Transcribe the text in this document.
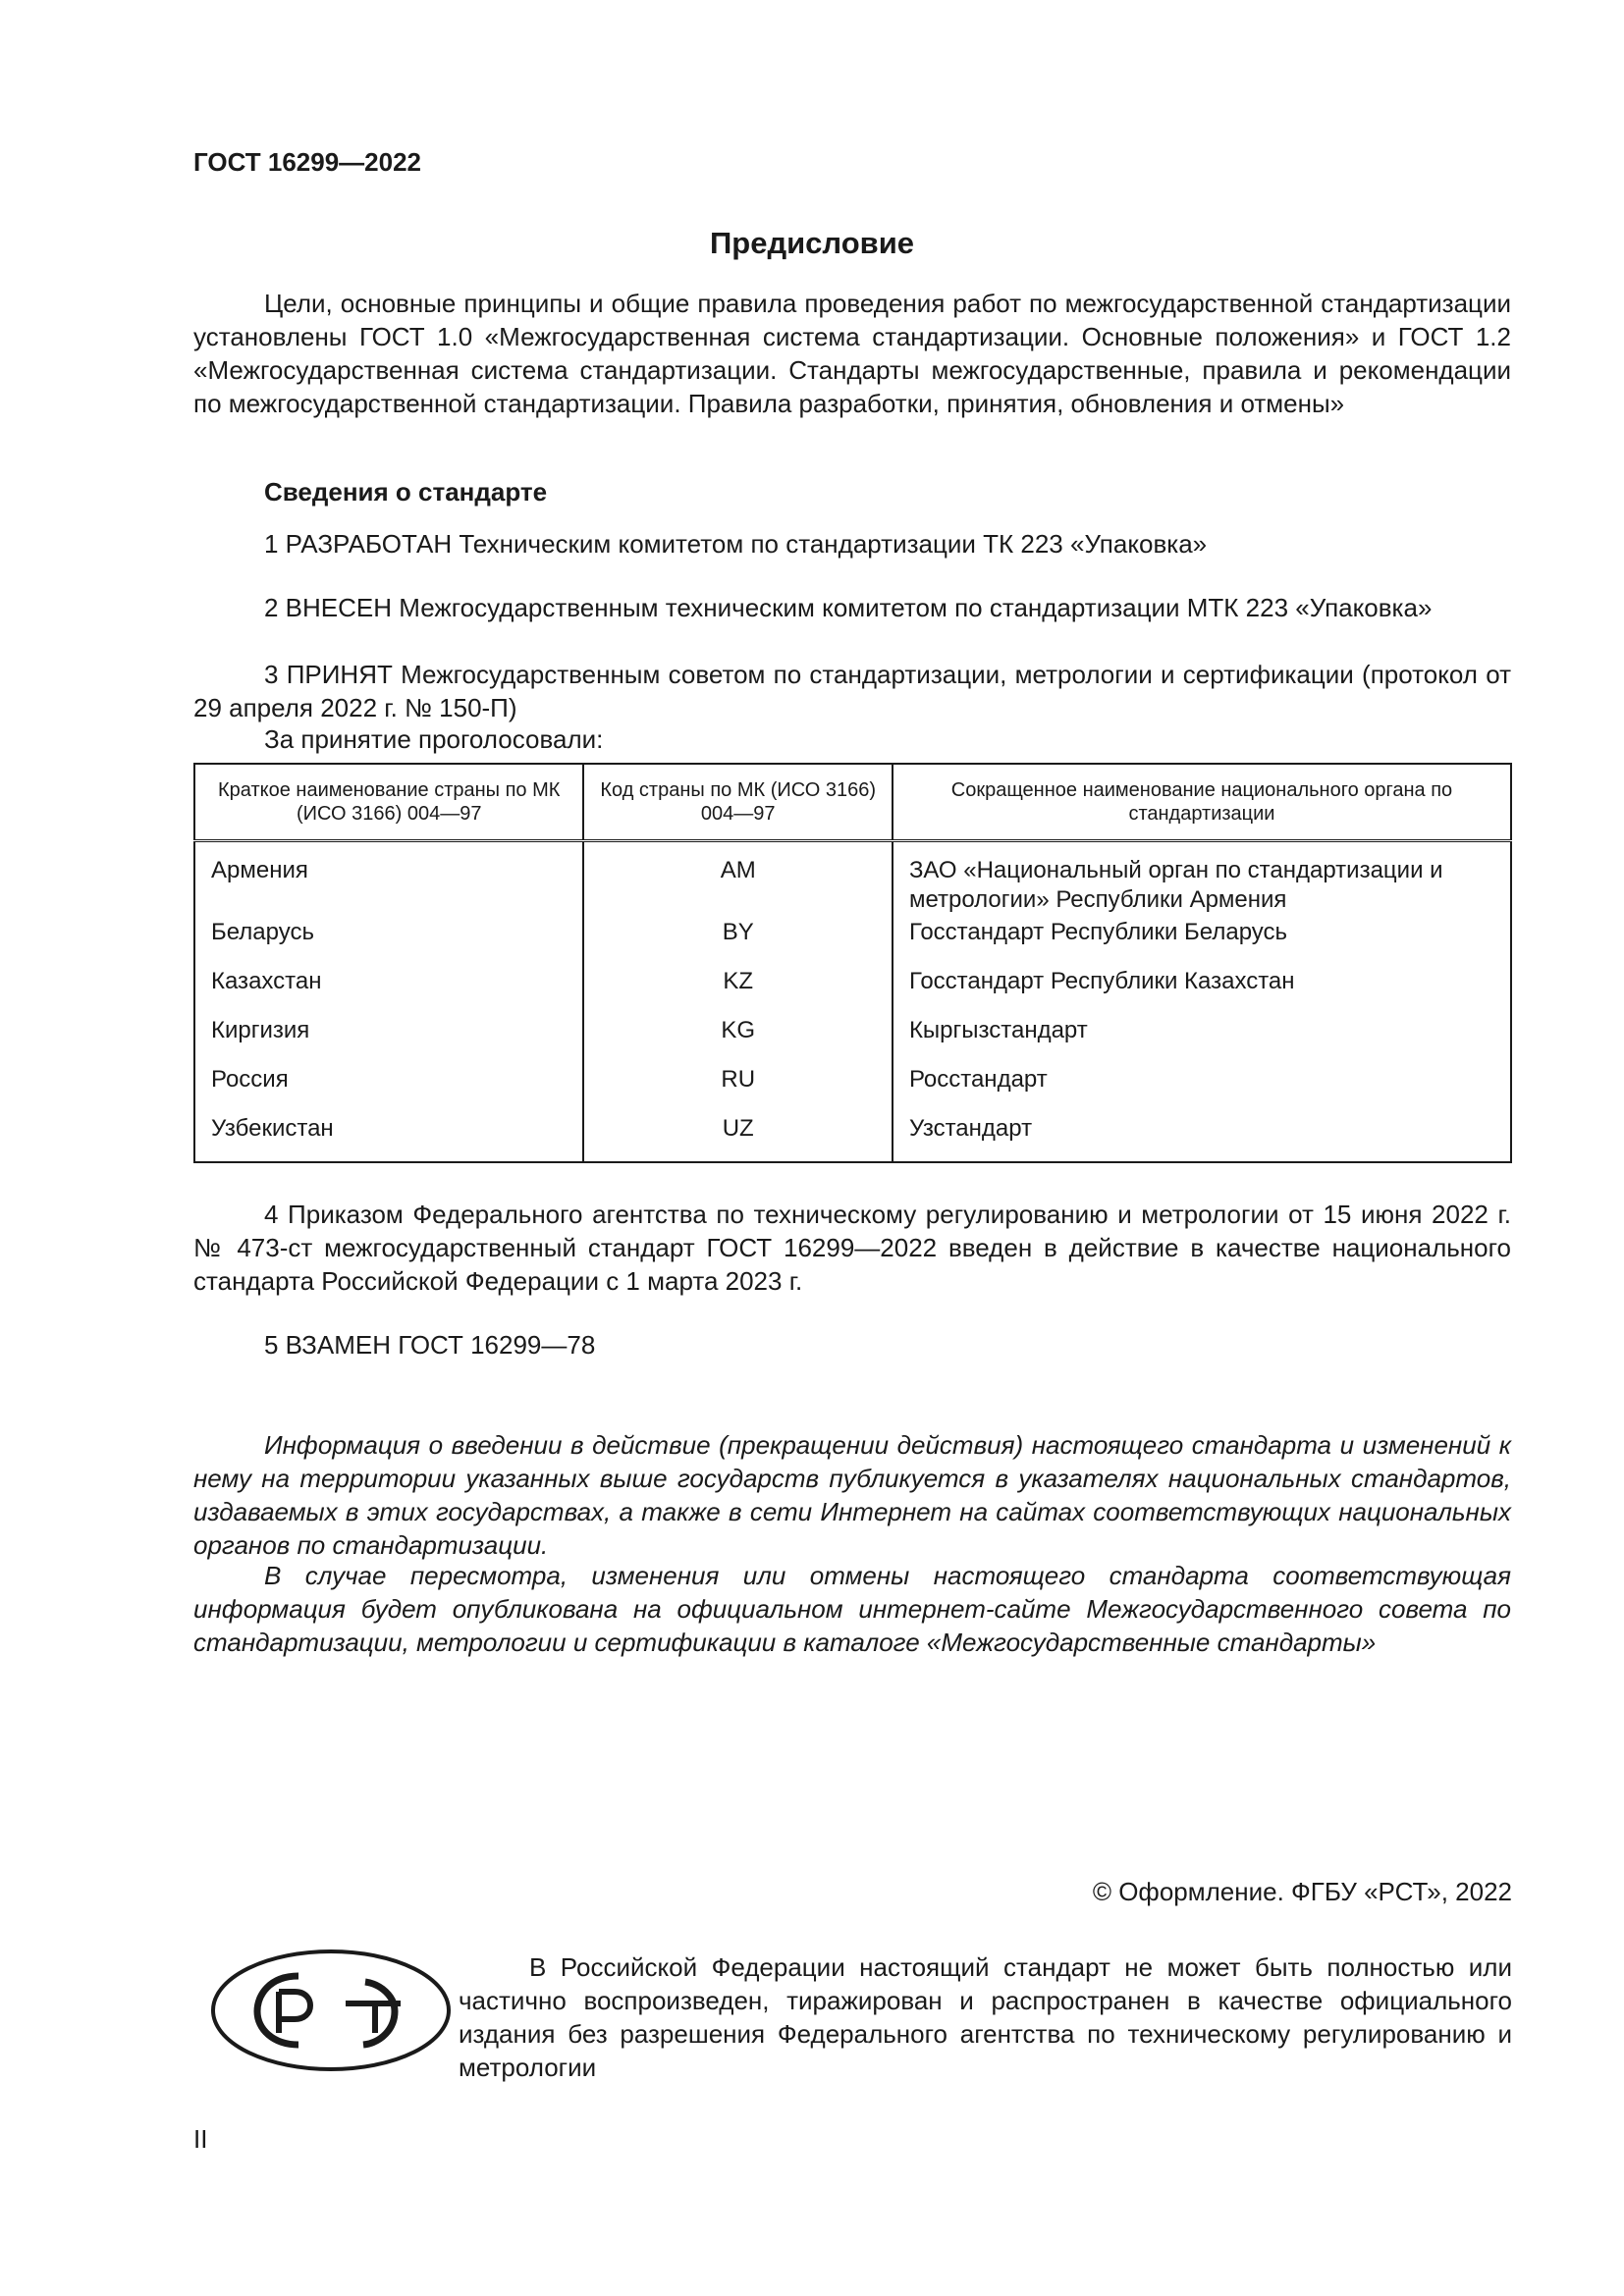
ГОСТ 16299—2022
Предисловие
Цели, основные принципы и общие правила проведения работ по межгосударственной стандартизации установлены ГОСТ 1.0 «Межгосударственная система стандартизации. Основные положения» и ГОСТ 1.2 «Межгосударственная система стандартизации. Стандарты межгосударственные, правила и рекомендации по межгосударственной стандартизации. Правила разработки, принятия, обновления и отмены»
Сведения о стандарте
1 РАЗРАБОТАН Техническим комитетом по стандартизации ТК 223 «Упаковка»
2 ВНЕСЕН Межгосударственным техническим комитетом по стандартизации МТК 223 «Упаковка»
3 ПРИНЯТ Межгосударственным советом по стандартизации, метрологии и сертификации (протокол от 29 апреля 2022 г. № 150-П)
За принятие проголосовали:
Краткое наименование страны по МК (ИСО 3166) 004—97	Код страны по МК (ИСО 3166) 004—97	Сокращенное наименование национального органа по стандартизации
Армения	AM	ЗАО «Национальный орган по стандартизации и метрологии» Республики Армения
Беларусь	BY	Госстандарт Республики Беларусь
Казахстан	KZ	Госстандарт Республики Казахстан
Киргизия	KG	Кыргызстандарт
Россия	RU	Росстандарт
Узбекистан	UZ	Узстандарт
4 Приказом Федерального агентства по техническому регулированию и метрологии от 15 июня 2022 г. № 473-ст межгосударственный стандарт ГОСТ 16299—2022 введен в действие в качестве национального стандарта Российской Федерации с 1 марта 2023 г.
5 ВЗАМЕН ГОСТ 16299—78
Информация о введении в действие (прекращении действия) настоящего стандарта и изменений к нему на территории указанных выше государств публикуется в указателях национальных стандартов, издаваемых в этих государствах, а также в сети Интернет на сайтах соответствующих национальных органов по стандартизации.
В случае пересмотра, изменения или отмены настоящего стандарта соответствующая информация будет опубликована на официальном интернет-сайте Межгосударственного совета по стандартизации, метрологии и сертификации в каталоге «Межгосударственные стандарты»
© Оформление. ФГБУ «РСТ», 2022
В Российской Федерации настоящий стандарт не может быть полностью или частично воспроизведен, тиражирован и распространен в качестве официального издания без разрешения Федерального агентства по техническому регулированию и метрологии
II
